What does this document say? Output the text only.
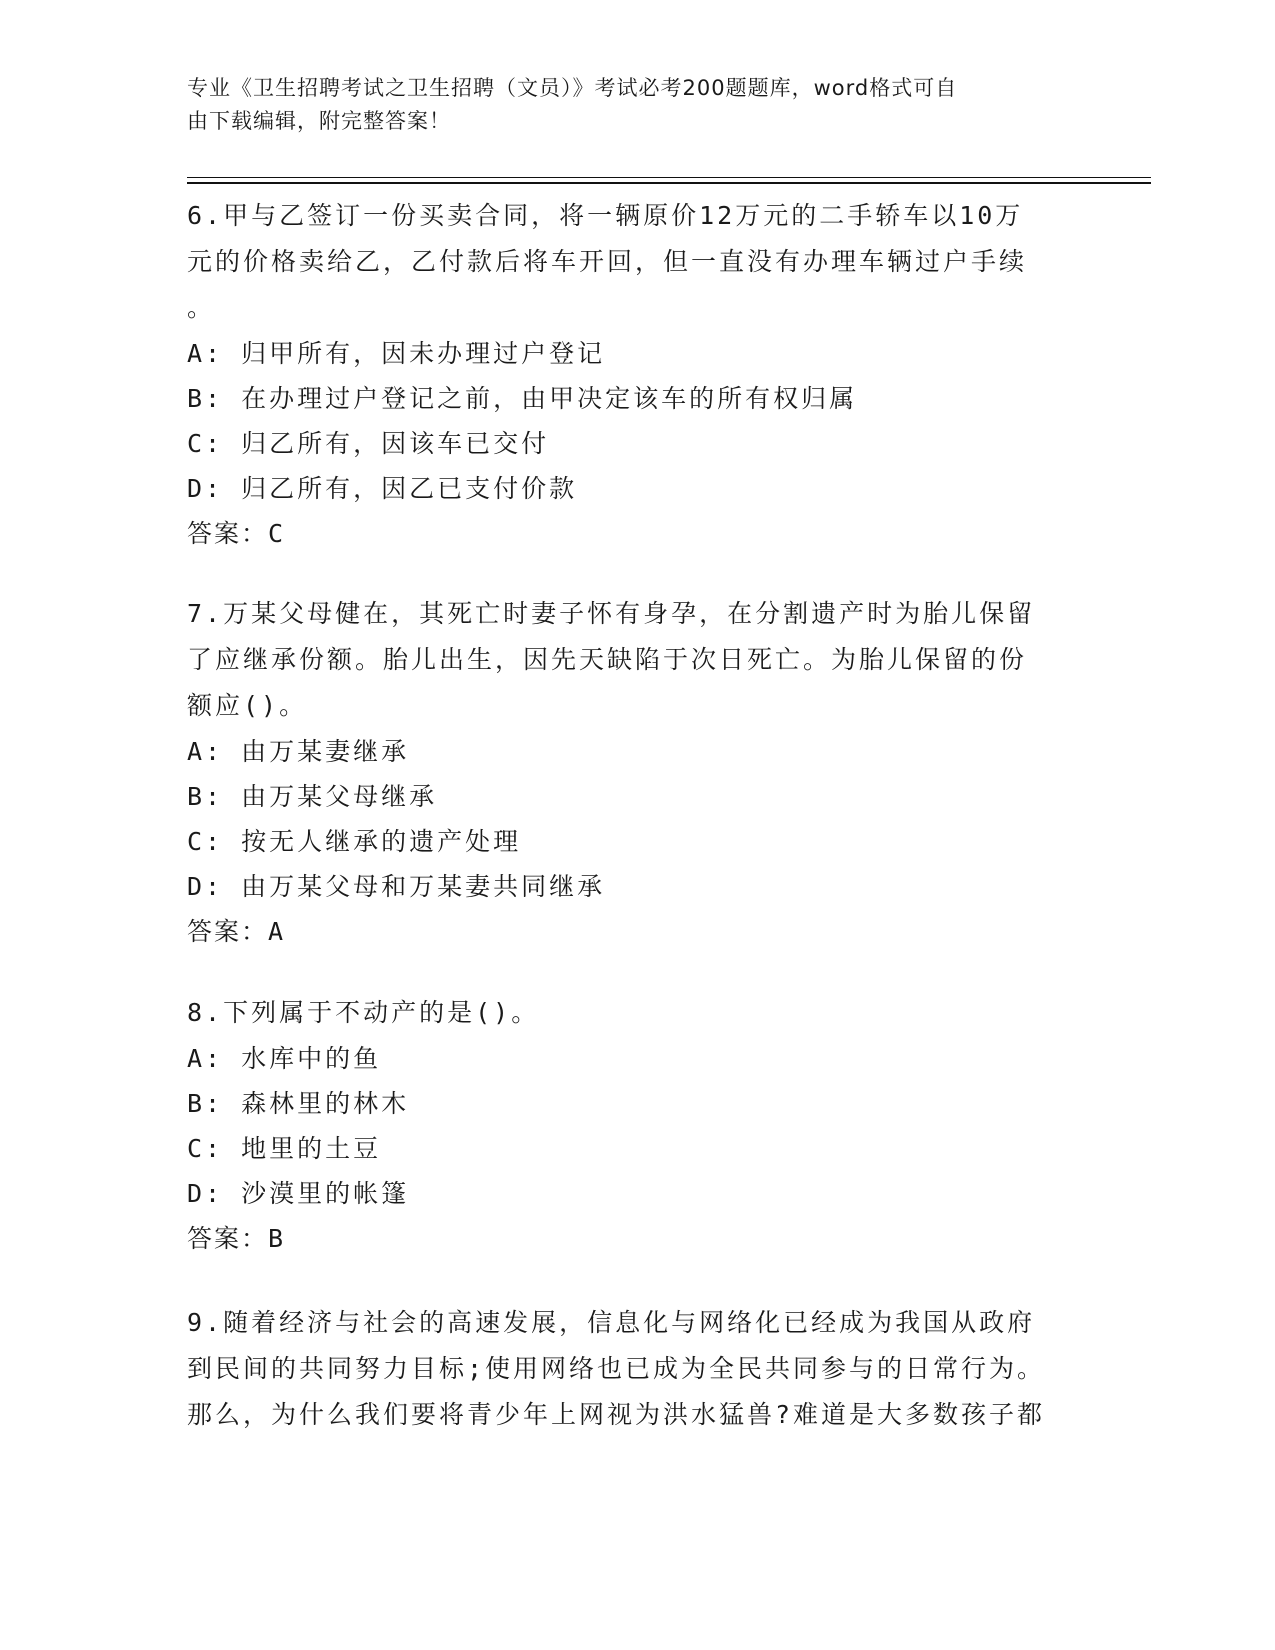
专业《卫生招聘考试之卫生招聘（文员）》考试必考200题题库，word格式可自
由下载编辑，附完整答案！
6.甲与乙签订一份买卖合同，将一辆原价12万元的二手轿车以10万
元的价格卖给乙，乙付款后将车开回，但一直没有办理车辆过户手续
。
A: 归甲所有，因未办理过户登记
B: 在办理过户登记之前，由甲决定该车的所有权归属
C: 归乙所有，因该车已交付
D: 归乙所有，因乙已支付价款
答案：C
7.万某父母健在，其死亡时妻子怀有身孕，在分割遗产时为胎儿保留
了应继承份额。胎儿出生，因先天缺陷于次日死亡。为胎儿保留的份
额应()。
A: 由万某妻继承
B: 由万某父母继承
C: 按无人继承的遗产处理
D: 由万某父母和万某妻共同继承
答案：A
8.下列属于不动产的是()。
A: 水库中的鱼
B: 森林里的林木
C: 地里的土豆
D: 沙漠里的帐篷
答案：B
9.随着经济与社会的高速发展，信息化与网络化已经成为我国从政府
到民间的共同努力目标;使用网络也已成为全民共同参与的日常行为。
那么，为什么我们要将青少年上网视为洪水猛兽?难道是大多数孩子都
